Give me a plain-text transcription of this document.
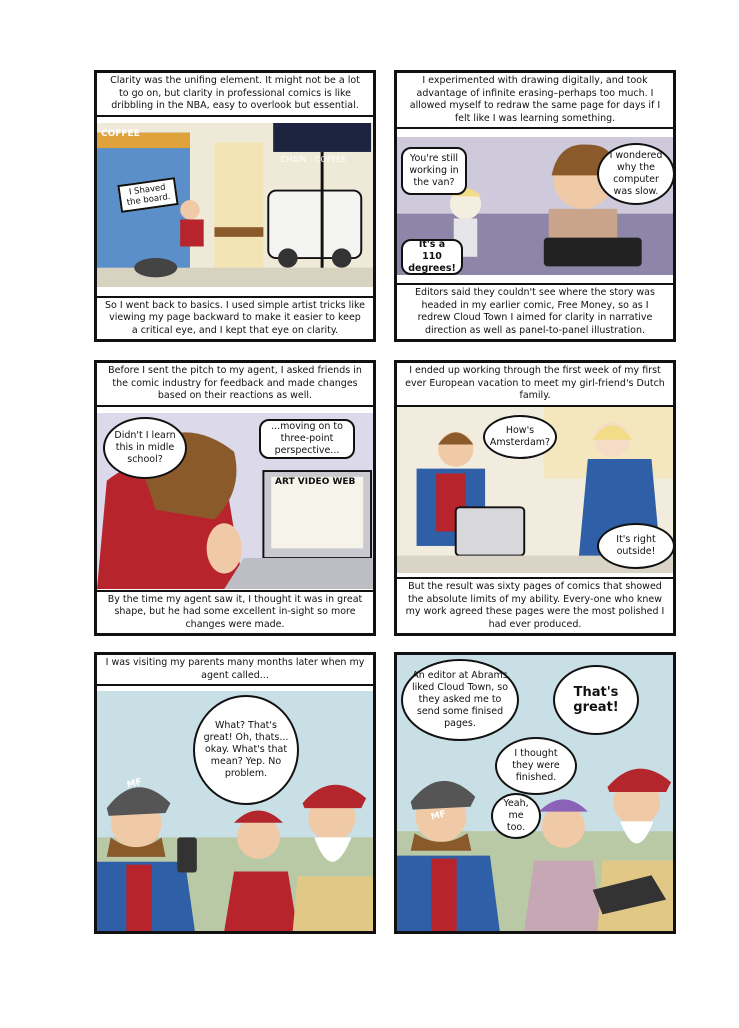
Clarity was the unifing element. It might not be a lot to go on, but clarity in professional comics is like dribbling in the NBA, easy to overlook but essential.
COFFEE
I Shaved the board.
CHAIN COFFEE
So I went back to basics. I used simple artist tricks like viewing my page backward to make it easier to keep a critical eye, and I kept that eye on clarity.
I experimented with drawing digitally, and took advantage of infinite erasing–perhaps too much. I allowed myself to redraw the same page for days if I felt like I was learning something.
You're still working in the van?
I wondered why the computer was slow.
It's a 110 degrees!
Editors said they couldn't see where the story was headed in my earlier comic, Free Money, so as I redrew Cloud Town I aimed for clarity in narrative direction as well as panel-to-panel illustration.
Before I sent the pitch to my agent, I asked friends in the comic industry for feedback and made changes based on their reactions as well.
Didn't I learn this in midle school?
...moving on to three-point perspective...
ART VIDEO WEB
By the time my agent saw it, I thought it was in great shape, but he had some excellent in-sight so more changes were made.
I ended up working through the first week of my first ever European vacation to meet my girl-friend's Dutch family.
How's Amsterdam?
It's right outside!
But the result was sixty pages of comics that showed the absolute limits of my ability. Every-one who knew my work agreed these pages were the most polished I had ever produced.
I was visiting my parents many months later when my agent called...
MF
What? That's great! Oh, thats... okay. What's that mean? Yep. No problem.
MF
An editor at Abrams liked Cloud Town, so they asked me to send some finised pages.
That's great!
I thought they were finished.
Yeah, me too.
